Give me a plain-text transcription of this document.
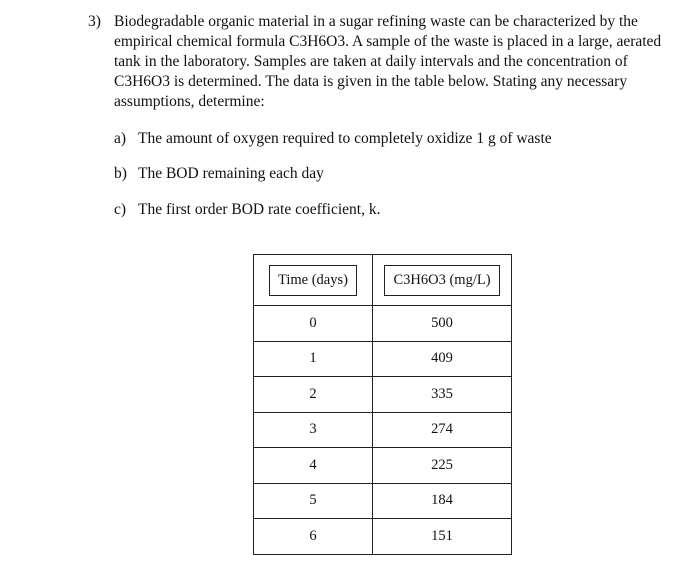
3) Biodegradable organic material in a sugar refining waste can be characterized by the empirical chemical formula C3H6O3. A sample of the waste is placed in a large, aerated tank in the laboratory. Samples are taken at daily intervals and the concentration of C3H6O3 is determined. The data is given in the table below. Stating any necessary assumptions, determine:
a) The amount of oxygen required to completely oxidize 1 g of waste
b) The BOD remaining each day
c) The first order BOD rate coefficient, k.
Time (days)	C3H6O3 (mg/L)
0	500
1	409
2	335
3	274
4	225
5	184
6	151
